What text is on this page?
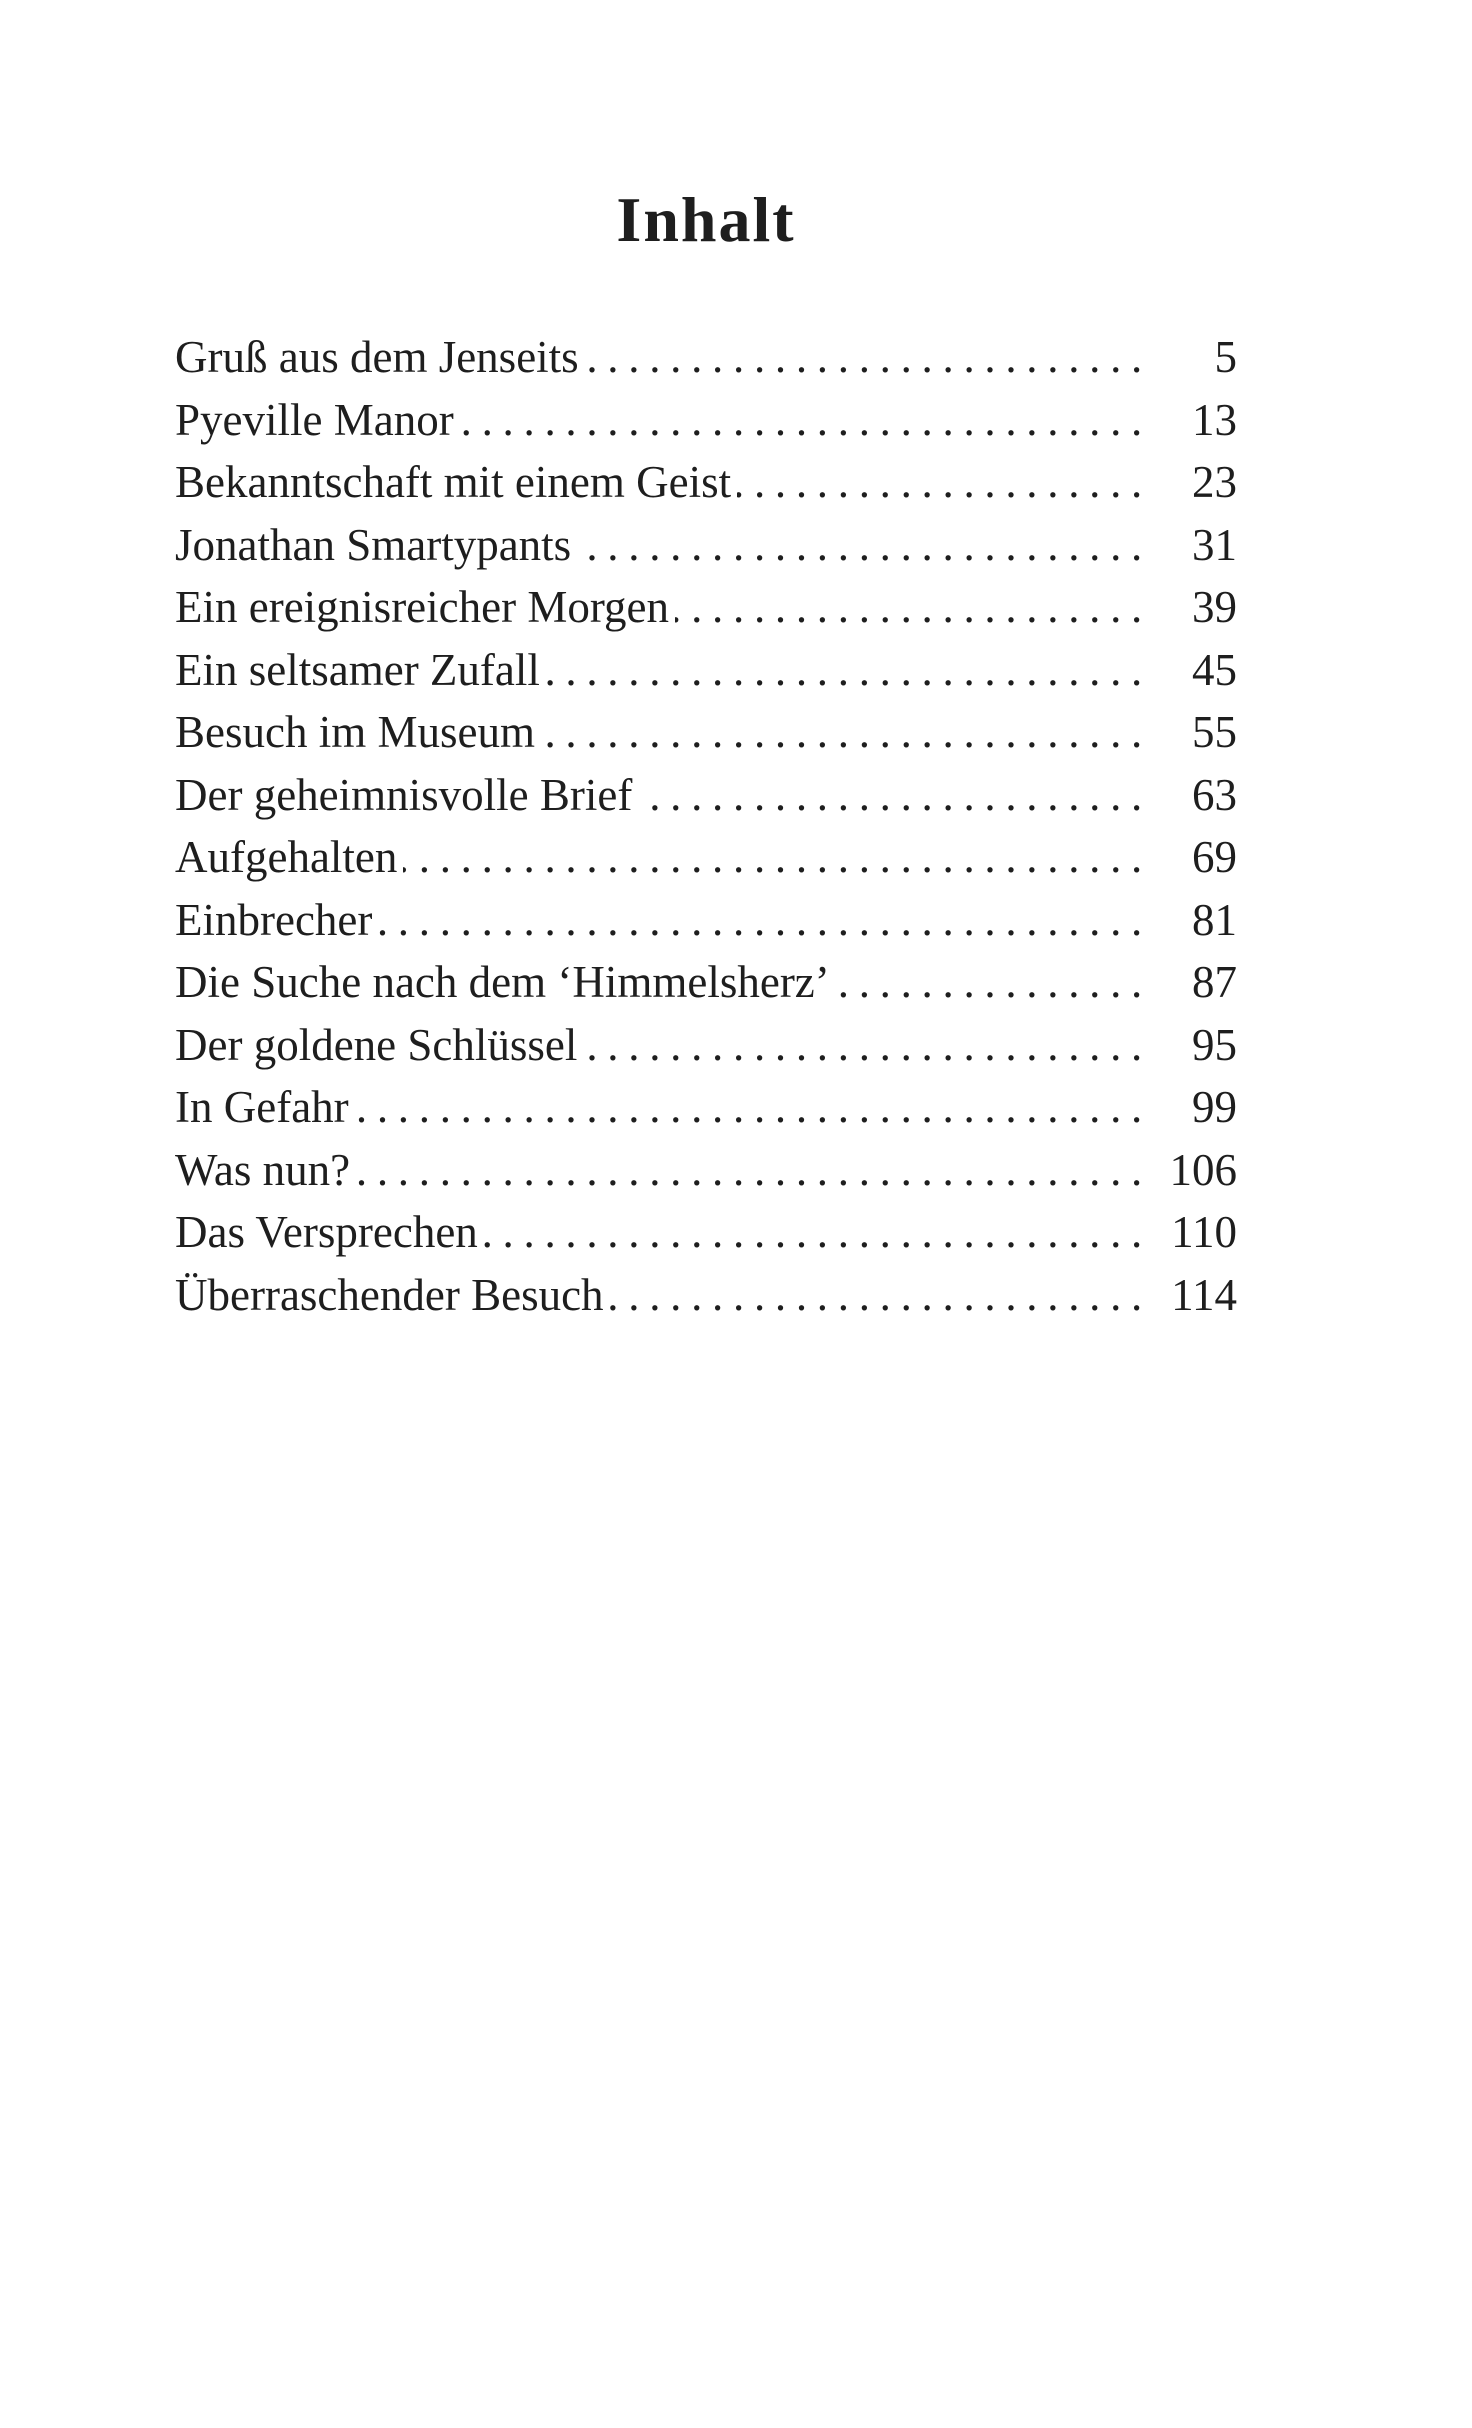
Inhalt
Gruß aus dem Jenseits .....	5
Pyeville Manor .....	13
Bekanntschaft mit einem Geist .....	23
Jonathan Smartypants .....	31
Ein ereignisreicher Morgen .....	39
Ein seltsamer Zufall .....	45
Besuch im Museum .....	55
Der geheimnisvolle Brief .....	63
Aufgehalten .....	69
Einbrecher .....	81
Die Suche nach dem ‘Himmelsherz’ .....	87
Der goldene Schlüssel .....	95
In Gefahr .....	99
Was nun? .....	106
Das Versprechen .....	110
Überraschender Besuch .....	114
